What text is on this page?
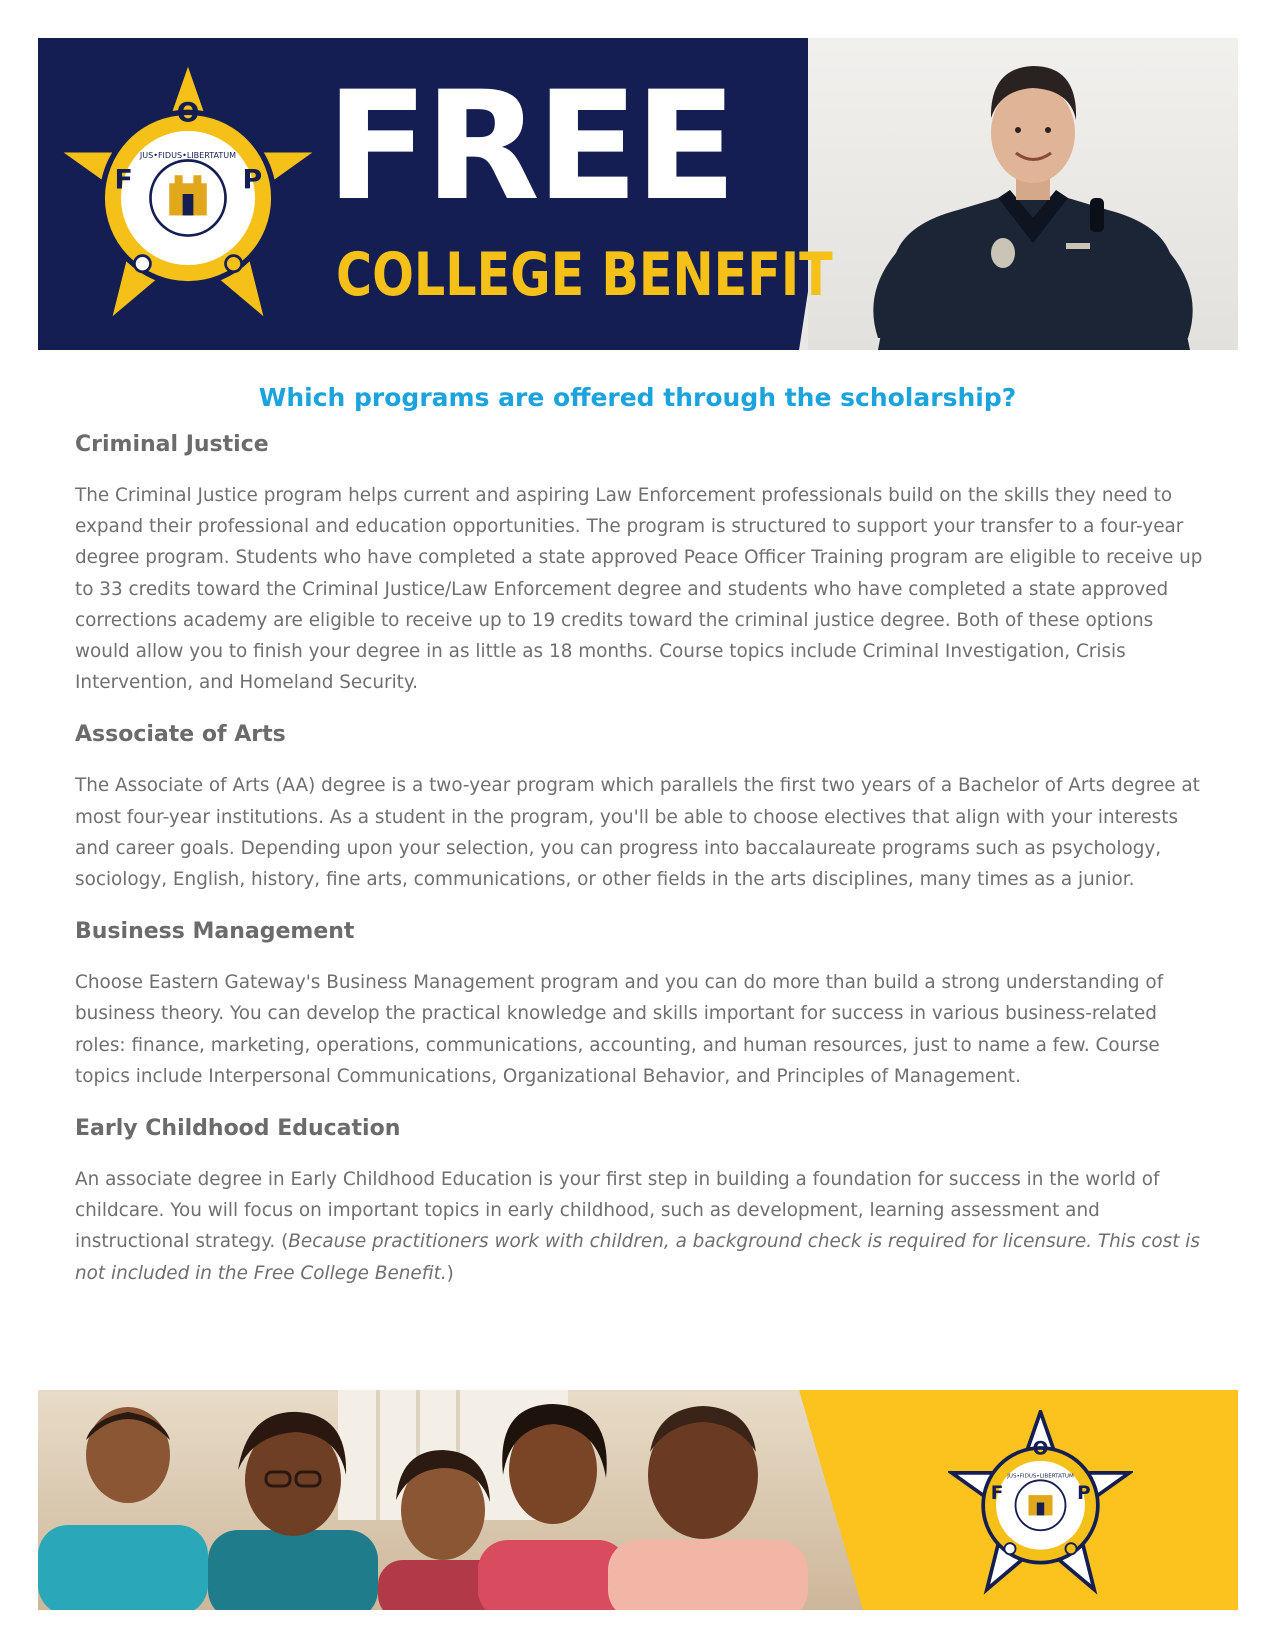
O
F	P
JUS•FIDUS•LIBERTATUM FREE
COLLEGE BENEFIT
Which programs are offered through the scholarship?
Criminal Justice

The Criminal Justice program helps current and aspiring Law Enforcement professionals build on the skills they need to expand their professional and education opportunities. The program is structured to support your transfer to a four-year degree program. Students who have completed a state approved Peace Officer Training program are eligible to receive up to 33 credits toward the Criminal Justice/Law Enforcement degree and students who have completed a state approved corrections academy are eligible to receive up to 19 credits toward the criminal justice degree. Both of these options would allow you to finish your degree in as little as 18 months. Course topics include Criminal Investigation, Crisis Intervention, and Homeland Security.

Associate of Arts

The Associate of Arts (AA) degree is a two-year program which parallels the first two years of a Bachelor of Arts degree at most four-year institutions. As a student in the program, you'll be able to choose electives that align with your interests and career goals. Depending upon your selection, you can progress into baccalaureate programs such as psychology, sociology, English, history, fine arts, communications, or other fields in the arts disciplines, many times as a junior.

Business Management

Choose Eastern Gateway's Business Management program and you can do more than build a strong understanding of business theory. You can develop the practical knowledge and skills important for success in various business-related roles: finance, marketing, operations, communications, accounting, and human resources, just to name a few. Course topics include Interpersonal Communications, Organizational Behavior, and Principles of Management.

Early Childhood Education

An associate degree in Early Childhood Education is your first step in building a foundation for success in the world of childcare. You will focus on important topics in early childhood, such as development, learning assessment and instructional strategy. (Because practitioners work with children, a background check is required for licensure. This cost is not included in the Free College Benefit.)

O
F	P
JUS•FIDUS•LIBERTATUM
